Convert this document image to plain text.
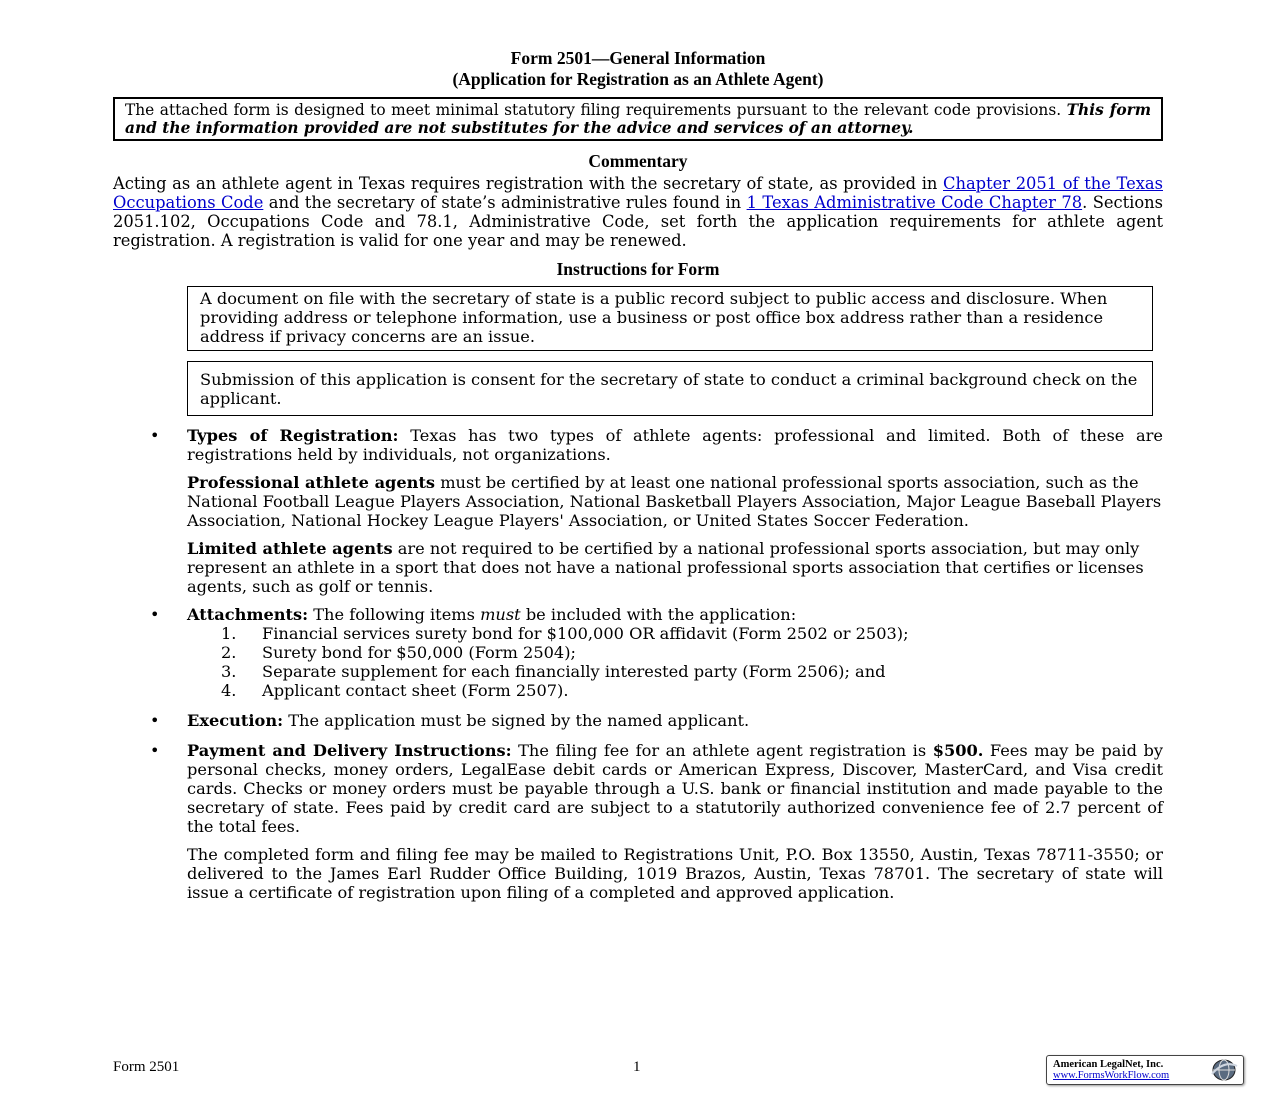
Form 2501—General Information
(Application for Registration as an Athlete Agent)
The attached form is designed to meet minimal statutory filing requirements pursuant to the relevant code provisions. This form and the information provided are not substitutes for the advice and services of an attorney.
Commentary
Acting as an athlete agent in Texas requires registration with the secretary of state, as provided in Chapter 2051 of the Texas Occupations Code and the secretary of state’s administrative rules found in 1 Texas Administrative Code Chapter 78. Sections 2051.102, Occupations Code and 78.1, Administrative Code, set forth the application requirements for athlete agent registration. A registration is valid for one year and may be renewed.
Instructions for Form
A document on file with the secretary of state is a public record subject to public access and disclosure. When providing address or telephone information, use a business or post office box address rather than a residence address if privacy concerns are an issue.
Submission of this application is consent for the secretary of state to conduct a criminal background check on the applicant.
• Types of Registration: Texas has two types of athlete agents: professional and limited. Both of these are registrations held by individuals, not organizations.
Professional athlete agents must be certified by at least one national professional sports association, such as the National Football League Players Association, National Basketball Players Association, Major League Baseball Players Association, National Hockey League Players' Association, or United States Soccer Federation.
Limited athlete agents are not required to be certified by a national professional sports association, but may only represent an athlete in a sport that does not have a national professional sports association that certifies or licenses agents, such as golf or tennis.
• Attachments: The following items must be included with the application:
1.	Financial services surety bond for $100,000 OR affidavit (Form 2502 or 2503);
2.	Surety bond for $50,000 (Form 2504);
3.	Separate supplement for each financially interested party (Form 2506); and
4.	Applicant contact sheet (Form 2507).
• Execution: The application must be signed by the named applicant.
• Payment and Delivery Instructions: The filing fee for an athlete agent registration is $500. Fees may be paid by personal checks, money orders, LegalEase debit cards or American Express, Discover, MasterCard, and Visa credit cards. Checks or money orders must be payable through a U.S. bank or financial institution and made payable to the secretary of state. Fees paid by credit card are subject to a statutorily authorized convenience fee of 2.7 percent of the total fees.
The completed form and filing fee may be mailed to Registrations Unit, P.O. Box 13550, Austin, Texas 78711-3550; or delivered to the James Earl Rudder Office Building, 1019 Brazos, Austin, Texas 78701. The secretary of state will issue a certificate of registration upon filing of a completed and approved application.
Form 2501	1	American LegalNet, Inc.
www.FormsWorkFlow.com
